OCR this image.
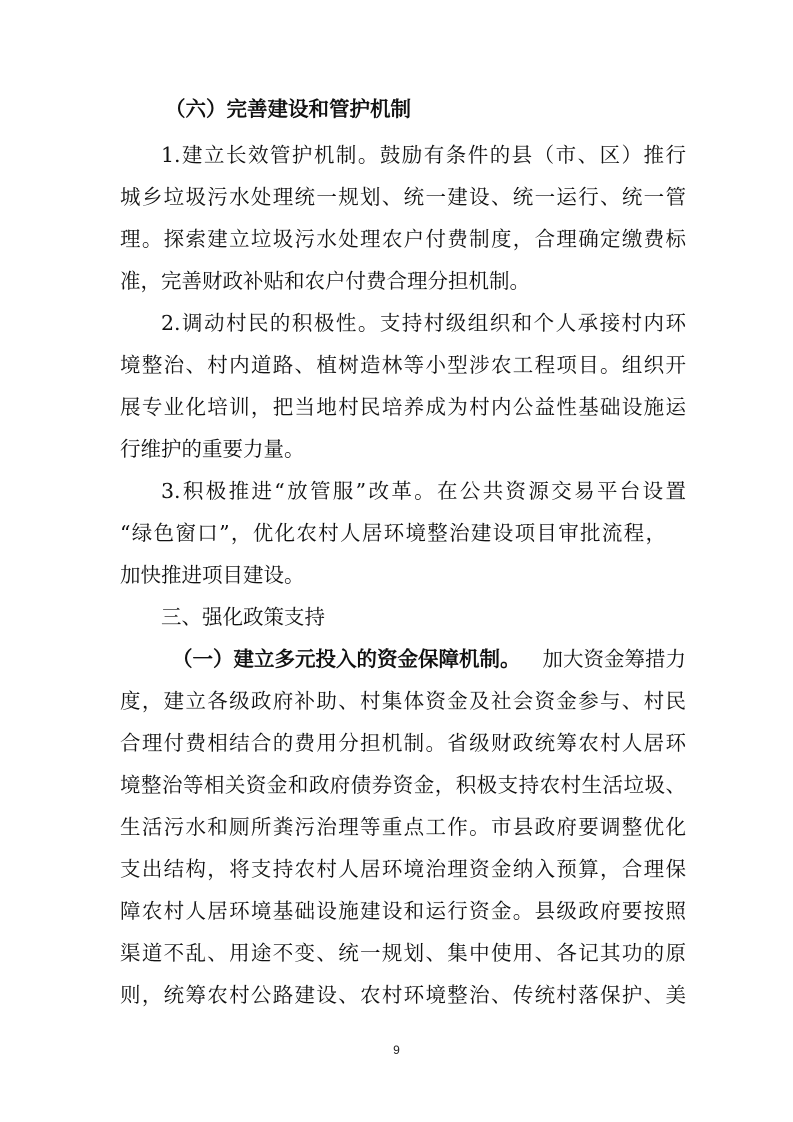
（六）完善建设和管护机制
1.建立长效管护机制。鼓励有条件的县（市、区）推行
城乡垃圾污水处理统一规划、统一建设、统一运行、统一管
理。探索建立垃圾污水处理农户付费制度，合理确定缴费标
准，完善财政补贴和农户付费合理分担机制。
2.调动村民的积极性。支持村级组织和个人承接村内环
境整治、村内道路、植树造林等小型涉农工程项目。组织开
展专业化培训，把当地村民培养成为村内公益性基础设施运
行维护的重要力量。
3.积极推进“放管服”改革。在公共资源交易平台设置
“绿色窗口”，优化农村人居环境整治建设项目审批流程，
加快推进项目建设。
三、强化政策支持
（一）建立多元投入的资金保障机制。 加大资金筹措力
度，建立各级政府补助、村集体资金及社会资金参与、村民
合理付费相结合的费用分担机制。省级财政统筹农村人居环
境整治等相关资金和政府债券资金，积极支持农村生活垃圾、
生活污水和厕所粪污治理等重点工作。市县政府要调整优化
支出结构，将支持农村人居环境治理资金纳入预算，合理保
障农村人居环境基础设施建设和运行资金。县级政府要按照
渠道不乱、用途不变、统一规划、集中使用、各记其功的原
则，统筹农村公路建设、农村环境整治、传统村落保护、美
9
